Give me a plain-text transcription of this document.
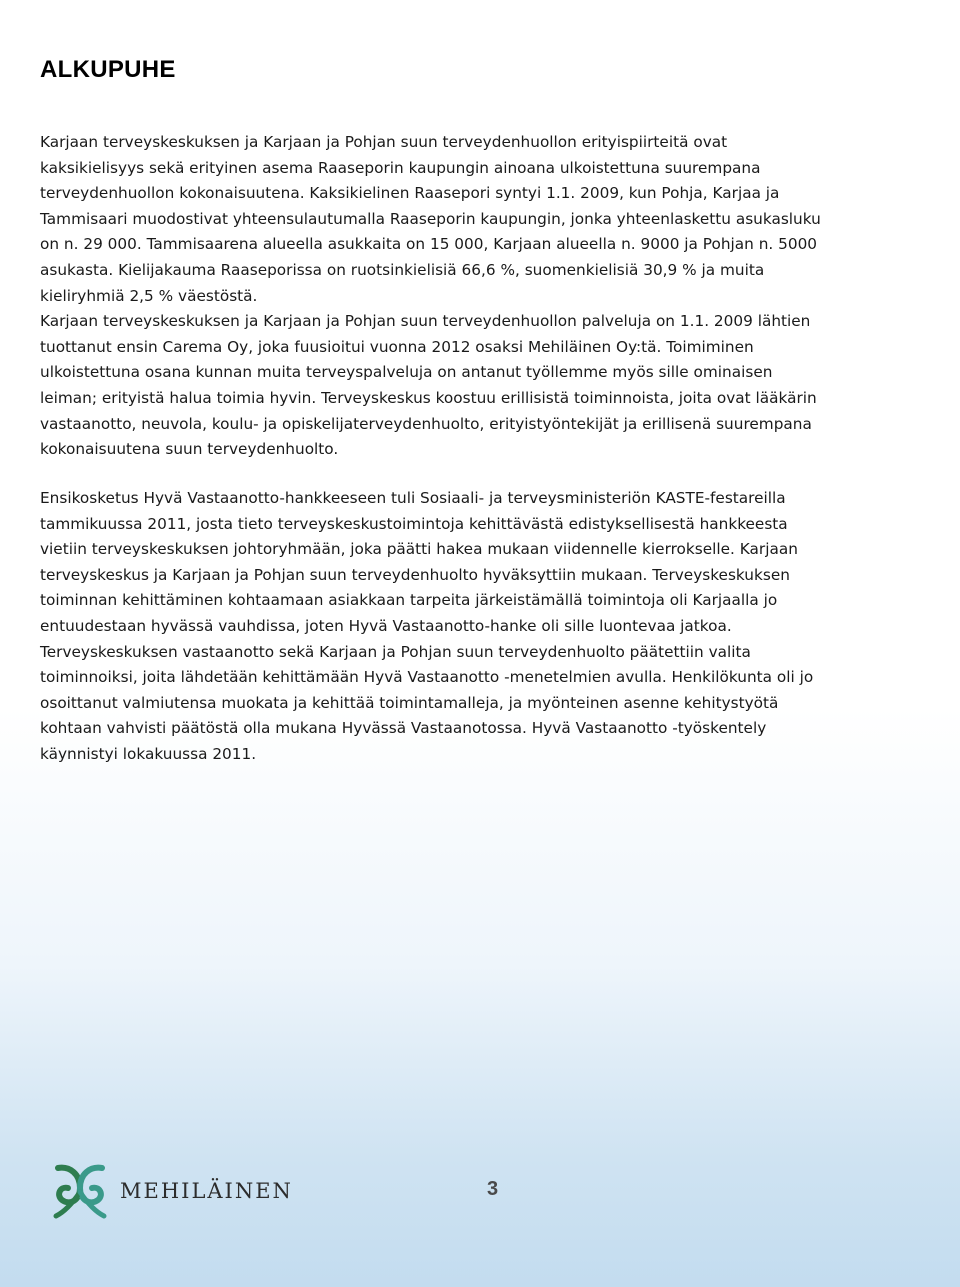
ALKUPUHE

Karjaan terveyskeskuksen ja Karjaan ja Pohjan suun terveydenhuollon erityispiirteitä ovat
kaksikielisyys sekä erityinen asema Raaseporin kaupungin ainoana ulkoistettuna suurempana
terveydenhuollon kokonaisuutena. Kaksikielinen Raasepori syntyi 1.1. 2009, kun Pohja, Karjaa ja
Tammisaari muodostivat yhteensulautumalla Raaseporin kaupungin, jonka yhteenlaskettu asukasluku
on n. 29 000. Tammisaarena alueella asukkaita on 15 000, Karjaan alueella n. 9000 ja Pohjan n. 5000
asukasta. Kielijakauma Raaseporissa on ruotsinkielisiä 66,6 %, suomenkielisiä 30,9 % ja muita
kieliryhmiä 2,5 % väestöstä.
Karjaan terveyskeskuksen ja Karjaan ja Pohjan suun terveydenhuollon palveluja on 1.1. 2009 lähtien
tuottanut ensin Carema Oy, joka fuusioitui vuonna 2012 osaksi Mehiläinen Oy:tä. Toimiminen
ulkoistettuna osana kunnan muita terveyspalveluja on antanut työllemme myös sille ominaisen
leiman; erityistä halua toimia hyvin. Terveyskeskus koostuu erillisistä toiminnoista, joita ovat lääkärin
vastaanotto, neuvola, koulu- ja opiskelijaterveydenhuolto, erityistyöntekijät ja erillisenä suurempana
kokonaisuutena suun terveydenhuolto.

Ensikosketus Hyvä Vastaanotto-hankkeeseen tuli Sosiaali- ja terveysministeriön KASTE-festareilla
tammikuussa 2011, josta tieto terveyskeskustoimintoja kehittävästä edistyksellisestä hankkeesta
vietiin terveyskeskuksen johtoryhmään, joka päätti hakea mukaan viidennelle kierrokselle. Karjaan
terveyskeskus ja Karjaan ja Pohjan suun terveydenhuolto hyväksyttiin mukaan. Terveyskeskuksen
toiminnan kehittäminen kohtaamaan asiakkaan tarpeita järkeistämällä toimintoja oli Karjaalla jo
entuudestaan hyvässä vauhdissa, joten Hyvä Vastaanotto-hanke oli sille luontevaa jatkoa.
Terveyskeskuksen vastaanotto sekä Karjaan ja Pohjan suun terveydenhuolto päätettiin valita
toiminnoiksi, joita lähdetään kehittämään Hyvä Vastaanotto -menetelmien avulla. Henkilökunta oli jo
osoittanut valmiutensa muokata ja kehittää toimintamalleja, ja myönteinen asenne kehitystyötä
kohtaan vahvisti päätöstä olla mukana Hyvässä Vastaanotossa. Hyvä Vastaanotto -työskentely
käynnistyi lokakuussa 2011.

MEHILÄINEN	3
